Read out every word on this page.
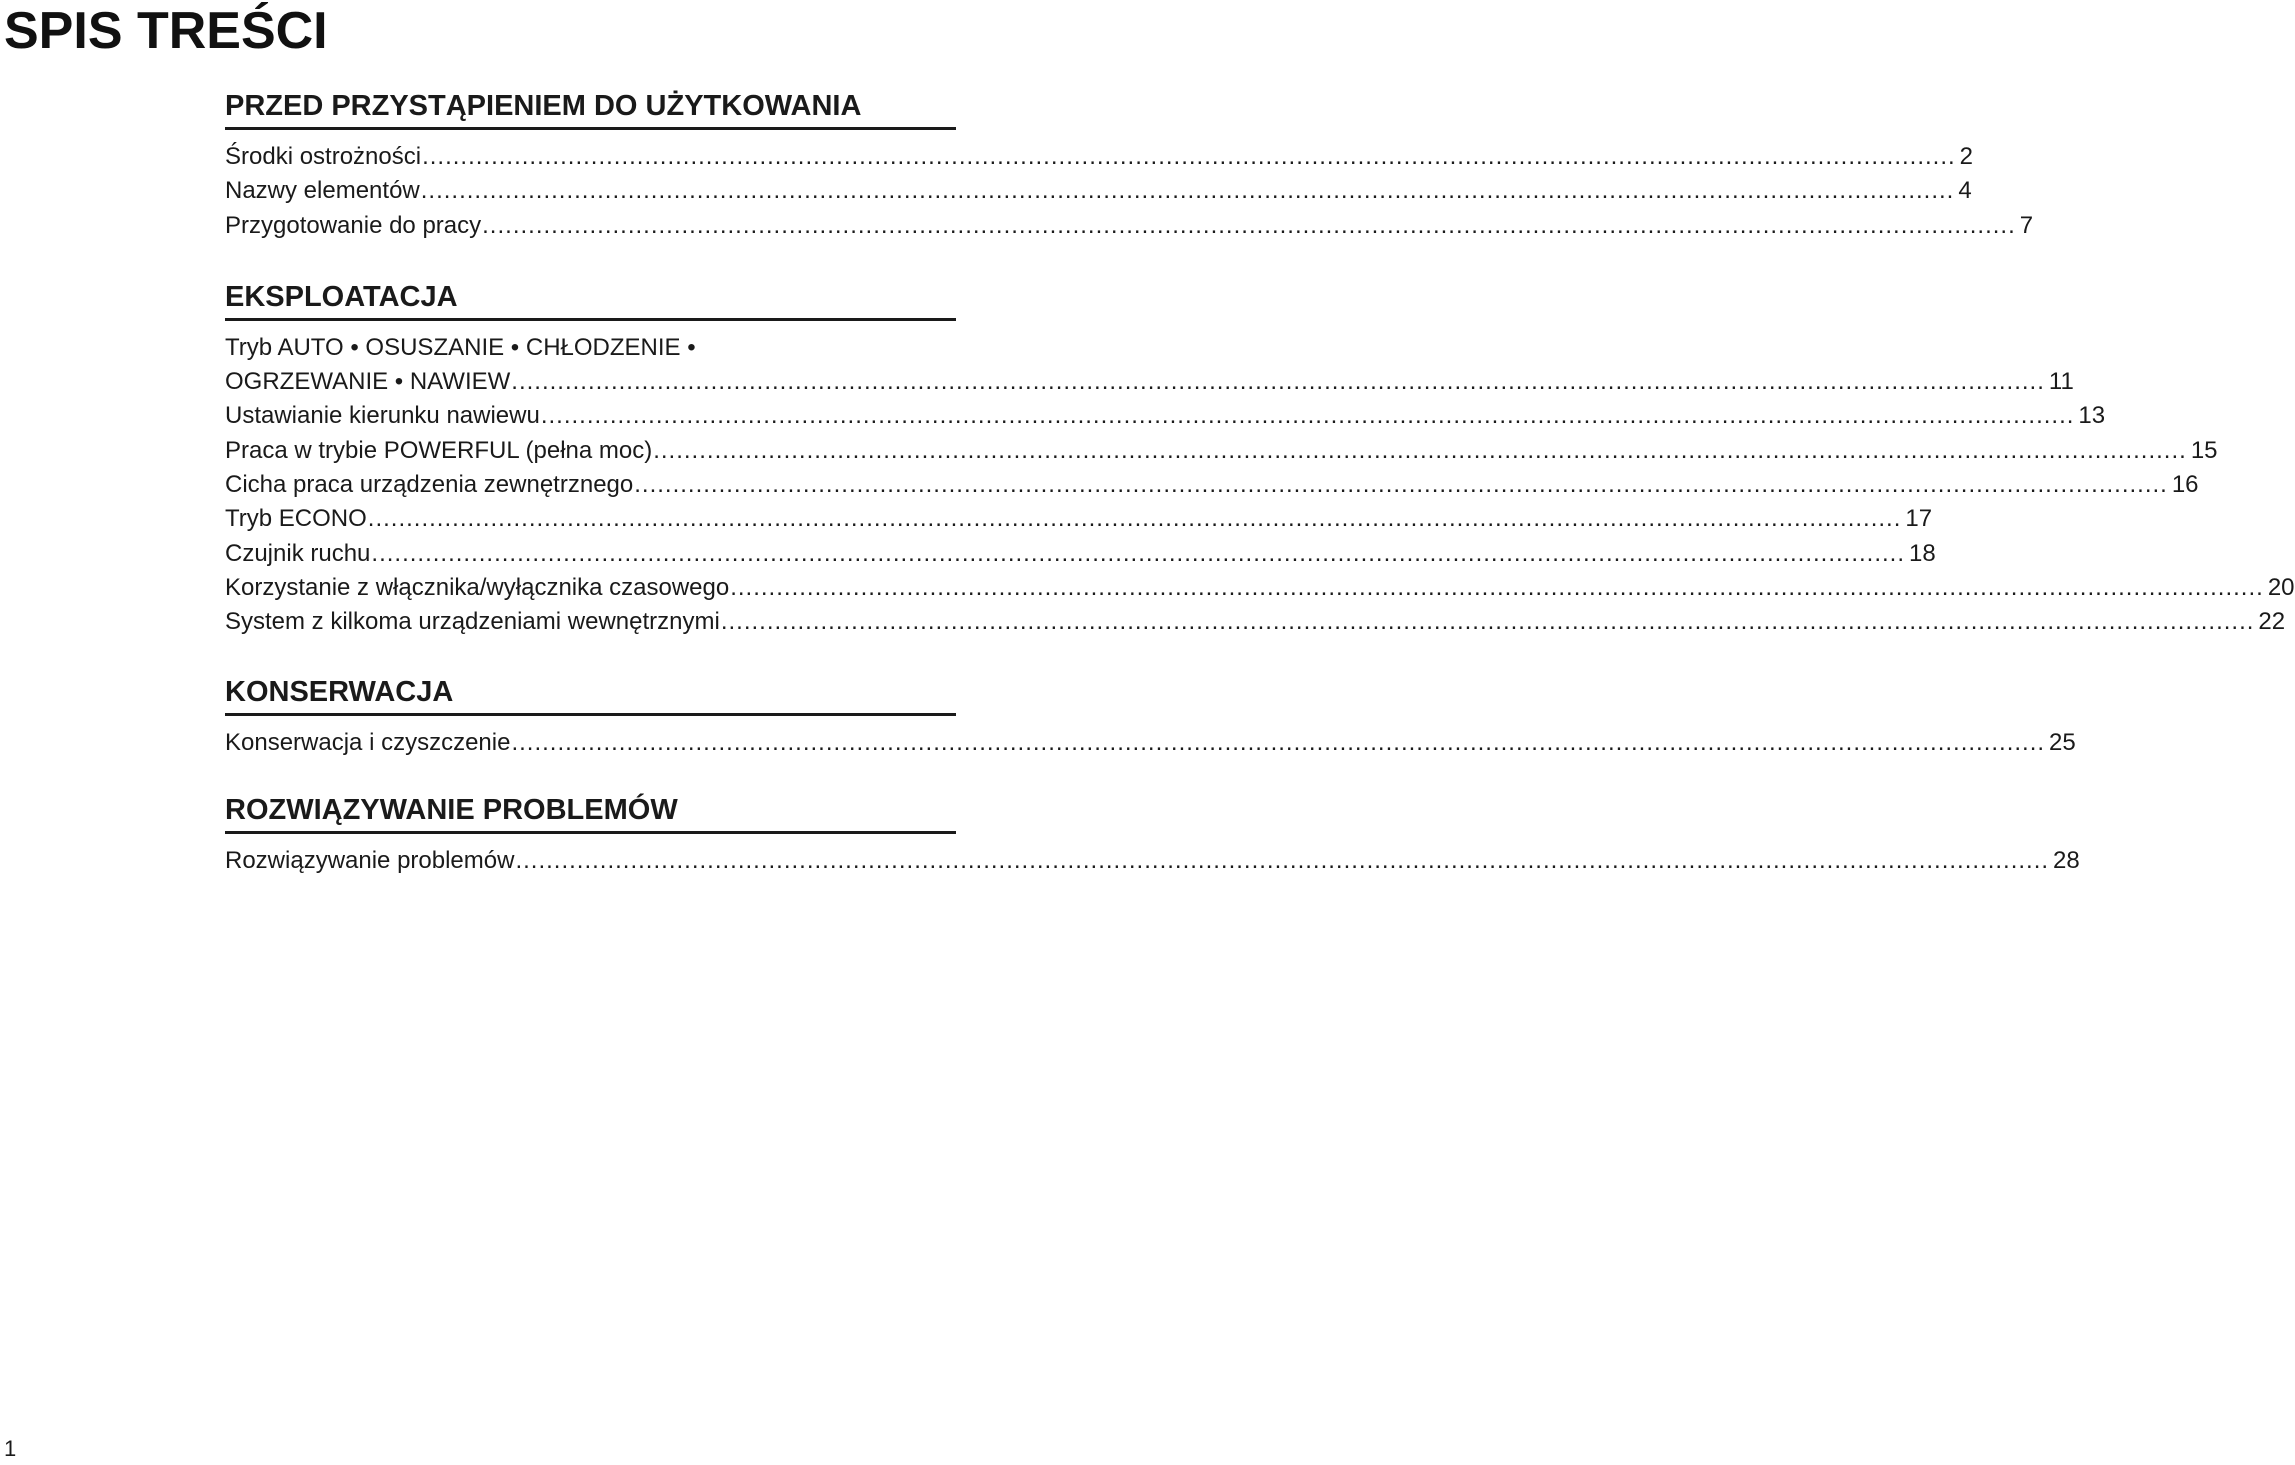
SPIS TREŚCI
PRZED PRZYSTĄPIENIEM DO UŻYTKOWANIA
Środki ostrożności ........................................................................................................................................................................................................ 2
Nazwy elementów ........................................................................................................................................................................................................ 4
Przygotowanie do pracy ........................................................................................................................................................................................................ 7
EKSPLOATACJA
Tryb AUTO • OSUSZANIE • CHŁODZENIE •
OGRZEWANIE • NAWIEW ........................................................................................................................................................................................................ 11
Ustawianie kierunku nawiewu ........................................................................................................................................................................................................ 13
Praca w trybie POWERFUL (pełna moc) ........................................................................................................................................................................................................ 15
Cicha praca urządzenia zewnętrznego ........................................................................................................................................................................................................ 16
Tryb ECONO ........................................................................................................................................................................................................ 17
Czujnik ruchu ........................................................................................................................................................................................................ 18
Korzystanie z włącznika/wyłącznika czasowego ........................................................................................................................................................................................................ 20
System z kilkoma urządzeniami wewnętrznymi ........................................................................................................................................................................................................ 22
KONSERWACJA
Konserwacja i czyszczenie ........................................................................................................................................................................................................ 25
ROZWIĄZYWANIE PROBLEMÓW
Rozwiązywanie problemów ........................................................................................................................................................................................................ 28
1
